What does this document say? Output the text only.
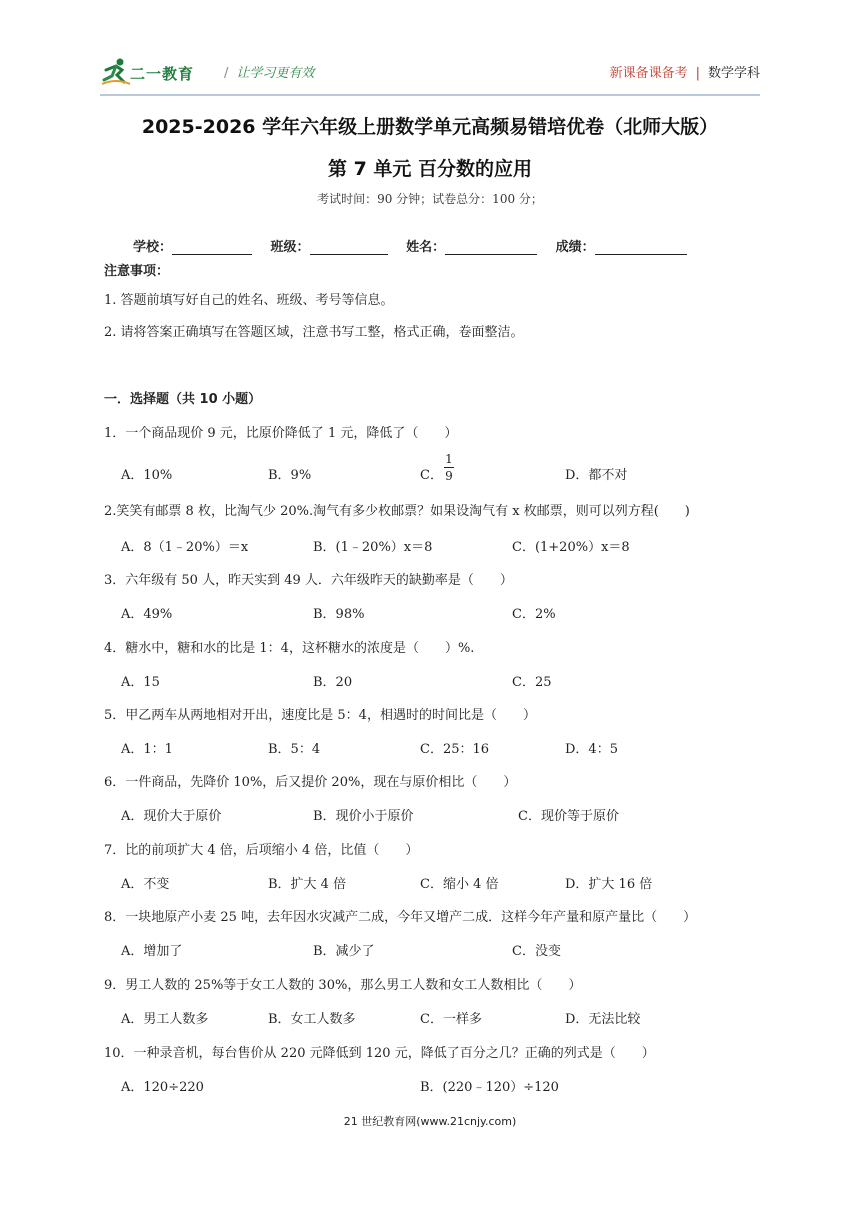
二一教育 / 让学习更有效	新课备课备考 | 数学学科
2025-2026 学年六年级上册数学单元高频易错培优卷（北师大版）
第 7 单元 百分数的应用
考试时间：90 分钟；试卷总分：100 分；
学校：	班级：	姓名：	成绩：
注意事项：
1. 答题前填写好自己的姓名、班级、考号等信息。
2. 请将答案正确填写在答题区域，注意书写工整，格式正确，卷面整洁。
一．选择题（共 10 小题）
1．一个商品现价 9 元，比原价降低了 1 元，降低了（　　）
A．10%	B．9%	C．
1
9	D．都不对
2.笑笑有邮票 8 枚，比淘气少 20%.淘气有多少枚邮票？如果设淘气有 x 枚邮票，则可以列方程(　　)
A．8（1﹣20%）＝x	B．(1﹣20%）x＝8	C．(1+20%）x＝8
3．六年级有 50 人，昨天实到 49 人．六年级昨天的缺勤率是（　　）
A．49%	B．98%	C．2%
4．糖水中，糖和水的比是 1：4，这杯糖水的浓度是（　　）%.
A．15	B．20	C．25
5．甲乙两车从两地相对开出，速度比是 5：4，相遇时的时间比是（　　）
A．1：1	B．5：4	C．25：16	D．4：5
6．一件商品，先降价 10%，后又提价 20%，现在与原价相比（　　）
A．现价大于原价	B．现价小于原价	C．现价等于原价
7．比的前项扩大 4 倍，后项缩小 4 倍，比值（　　）
A．不变	B．扩大 4 倍	C．缩小 4 倍	D．扩大 16 倍
8．一块地原产小麦 25 吨，去年因水灾减产二成，今年又增产二成．这样今年产量和原产量比（　　）
A．增加了	B．减少了	C．没变
9．男工人数的 25%等于女工人数的 30%，那么男工人数和女工人数相比（　　）
A．男工人数多	B．女工人数多	C．一样多	D．无法比较
10．一种录音机，每台售价从 220 元降低到 120 元，降低了百分之几？正确的列式是（　　）
A．120÷220	B．(220﹣120）÷120
21 世纪教育网(www.21cnjy.com)
